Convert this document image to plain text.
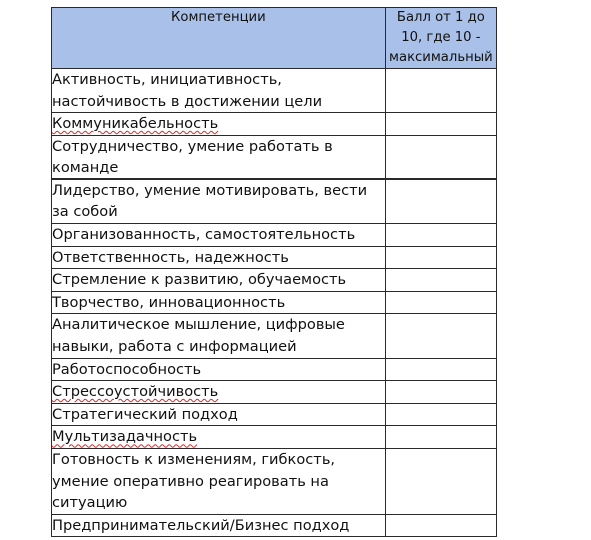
Компетенции	Балл от 1 до 10, где 10 - максимальный
Активность, инициативность, настойчивость в достижении цели	
Коммуникабельность	
Сотрудничество, умение работать в команде	
Лидерство, умение мотивировать, вести за собой	
Организованность, самостоятельность	
Ответственность, надежность	
Стремление к развитию, обучаемость	
Творчество, инновационность	
Аналитическое мышление, цифровые навыки, работа с информацией	
Работоспособность	
Стрессоустойчивость	
Стратегический подход	
Мультизадачность	
Готовность к изменениям, гибкость, умение оперативно реагировать на ситуацию	
Предпринимательский/Бизнес подход	
